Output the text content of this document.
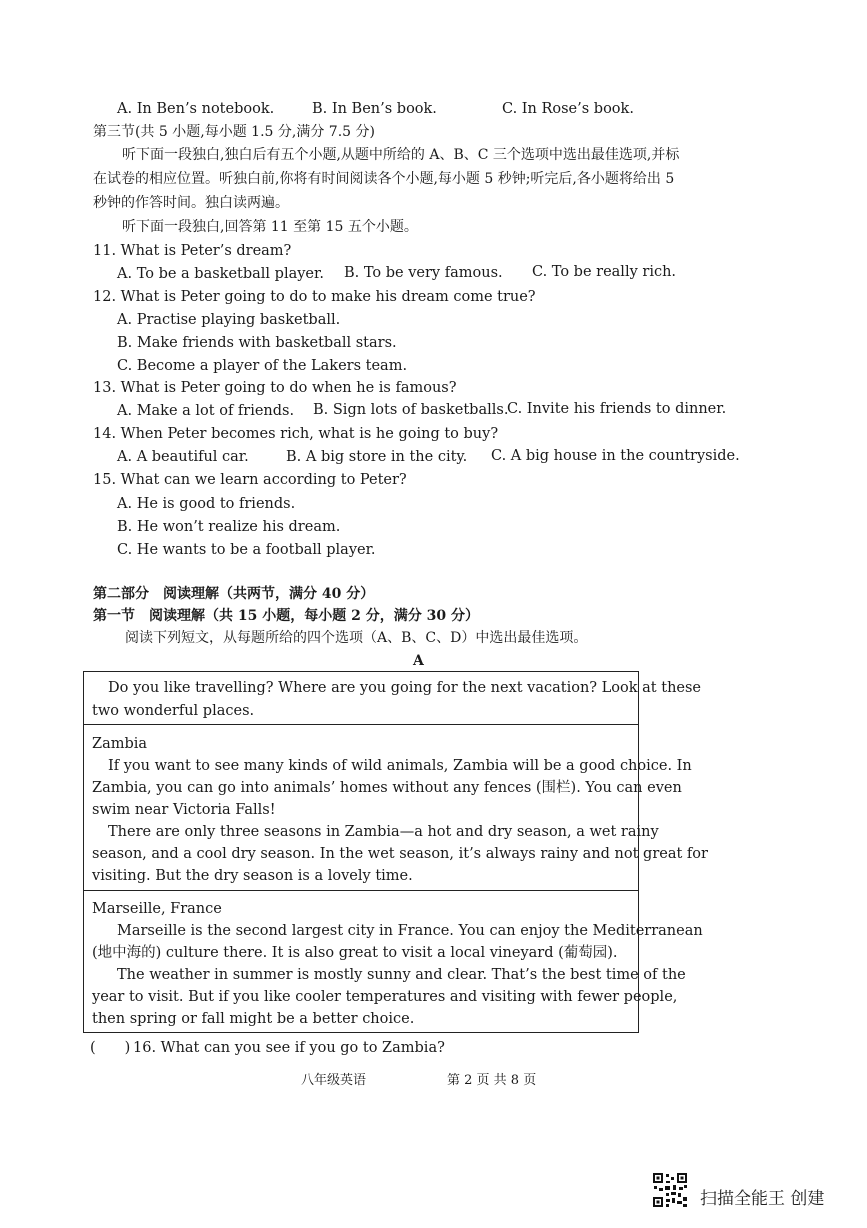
A. In Ben’s notebook.	B. In Ben’s book.	C. In Rose’s book.
第三节(共 5 小题,每小题 1.5 分,满分 7.5 分)
听下面一段独白,独白后有五个小题,从题中所给的 A、B、C 三个选项中选出最佳选项,并标
在试卷的相应位置。听独白前,你将有时间阅读各个小题,每小题 5 秒钟;听完后,各小题将给出 5
秒钟的作答时间。独白读两遍。
听下面一段独白,回答第 11 至第 15 五个小题。
11. What is Peter’s dream?
A. To be a basketball player. B. To be very famous. C. To be really rich.
12. What is Peter going to do to make his dream come true?
A. Practise playing basketball.
B. Make friends with basketball stars.
C. Become a player of the Lakers team.
13. What is Peter going to do when he is famous?
A. Make a lot of friends. B. Sign lots of basketballs.
C. Invite his friends to dinner.
14. When Peter becomes rich, what is he going to buy?
A. A beautiful car.	B. A big store in the city. C. A big house in the countryside.
15. What can we learn according to Peter?
A. He is good to friends.
B. He won’t realize his dream.
C. He wants to be a football player.
第二部分　阅读理解（共两节，满分 40 分）
第一节　阅读理解（共 15 小题，每小题 2 分，满分 30 分）
阅读下列短文，从每题所给的四个选项（A、B、C、D）中选出最佳选项。
A
Do you like travelling? Where are you going for the next vacation? Look at these
two wonderful places.
Zambia
If you want to see many kinds of wild animals, Zambia will be a good choice. In
Zambia, you can go into animals’ homes without any fences (围栏). You can even
swim near Victoria Falls!
There are only three seasons in Zambia—a hot and dry season, a wet rainy
season, and a cool dry season. In the wet season, it’s always rainy and not great for
visiting. But the dry season is a lovely time.
Marseille, France
Marseille is the second largest city in France. You can enjoy the Mediterranean
(地中海的) culture there. It is also great to visit a local vineyard (葡萄园).
The weather in summer is mostly sunny and clear. That’s the best time of the
year to visit. But if you like cooler temperatures and visiting with fewer people,
then spring or fall might be a better choice.
(　　) 16. What can you see if you go to Zambia?
八年级英语	第 2 页 共 8 页
扫描全能王 创建
